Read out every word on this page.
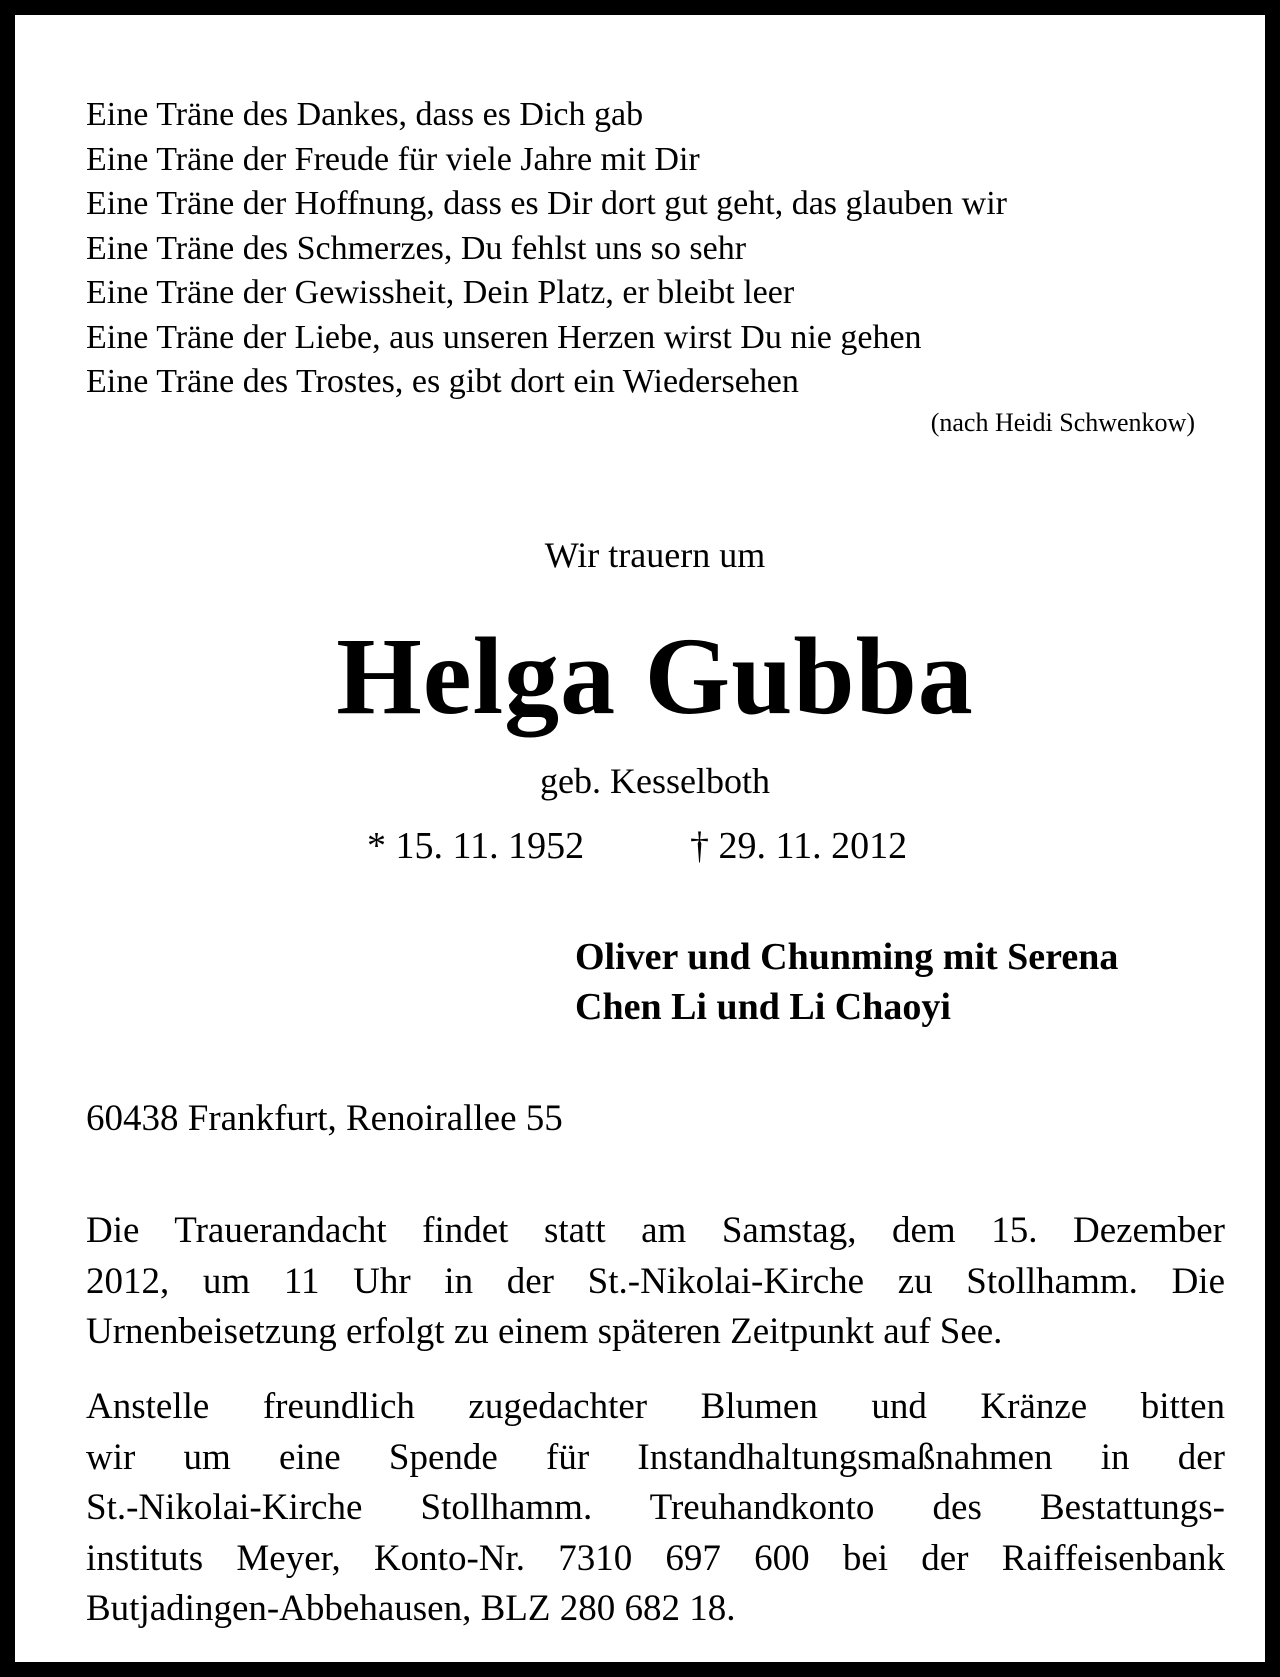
Eine Träne des Dankes, dass es Dich gab
Eine Träne der Freude für viele Jahre mit Dir
Eine Träne der Hoffnung, dass es Dir dort gut geht, das glauben wir
Eine Träne des Schmerzes, Du fehlst uns so sehr
Eine Träne der Gewissheit, Dein Platz, er bleibt leer
Eine Träne der Liebe, aus unseren Herzen wirst Du nie gehen
Eine Träne des Trostes, es gibt dort ein Wiedersehen
(nach Heidi Schwenkow)
Wir trauern um
Helga Gubba
geb. Kesselboth
* 15. 11. 1952	† 29. 11. 2012
Oliver und Chunming mit Serena
Chen Li und Li Chaoyi
60438 Frankfurt, Renoirallee 55
Die Trauerandacht findet statt am Samstag, dem 15. Dezember
2012, um 11 Uhr in der St.-Nikolai-Kirche zu Stollhamm. Die
Urnenbeisetzung erfolgt zu einem späteren Zeitpunkt auf See.
Anstelle freundlich zugedachter Blumen und Kränze bitten
wir um eine Spende für Instandhaltungsmaßnahmen in der
St.-Nikolai-Kirche Stollhamm. Treuhandkonto des Bestattungs-
instituts Meyer, Konto-Nr. 7310 697 600 bei der Raiffeisenbank
Butjadingen-Abbehausen, BLZ 280 682 18.
